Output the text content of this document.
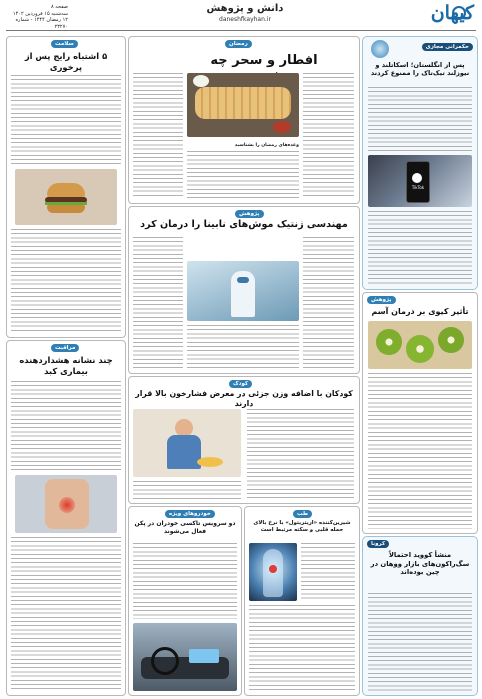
کیهان
دانش و پژوهش
daneshfkayhan.ir
صفحه ۸
سه‌شنبه ۱۵ فروردین ۱۴۰۲
۱۲ رمضان ۱۴۴۴ - شماره ۲۳۲۷۰
حکمرانی مجازی
پس از انگلستان؛ اسکاتلند و نیوزلند تیک‌تاک را ممنوع کردند
TikTok
پژوهش
تأثیر کیوی بر درمان آسم
کرونا
منشأ کووید احتمالاً سگ‌راکون‌های بازار ووهان در چین بوده‌اند
رمضان
افطار و سحر چه
وعده‌های رمضان را بشناسید
پژوهش
مهندسی ژنتیک موش‌های نابینا را درمان کرد
کودک
کودکان با اضافه وزن جزئی در معرض فشارخون بالا قرار دارند
طب
شیرین‌کننده «اریتریتول» با نرخ بالای حمله قلبی و سکته مرتبط است
خودروهای ویژه
دو سرویس تاکسی خودران در پکن فعال می‌شوند
سلامت
۵ اشتباه رایج پس از پرخوری
مراقبت
چند نشانه هشداردهنده بیماری کبد
